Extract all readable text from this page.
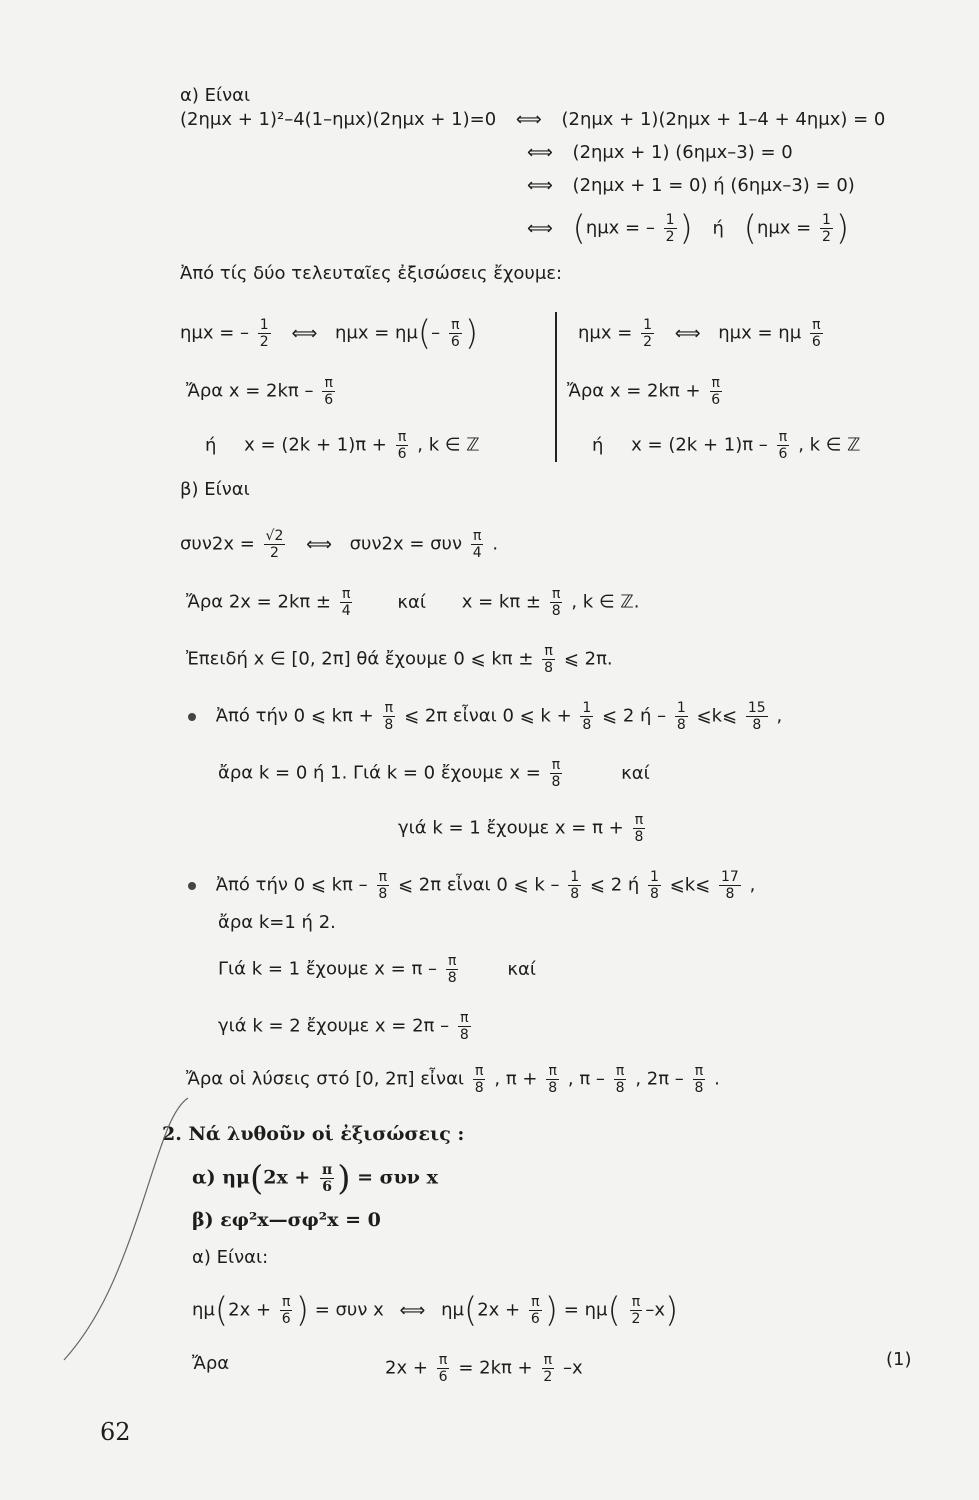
α) Είναι
(2ημx + 1)²–4(1–ημx)(2ημx + 1)=0 ⟺ (2ημx + 1)(2ημx + 1–4 + 4ημx) = 0
⟺ (2ημx + 1) (6ημx–3) = 0
⟺ (2ημx + 1 = 0) ή (6ημx–3) = 0)
⟺ (ημx = – $\frac{1}{2}$ ) ή ($\eta\mu x = \frac{1}{2}$ )
Ἀπό τίς δύο τελευταῖες ἐξισώσεις ἔχουμε:
ημx = – $\frac{1}{2}$ ⟺ $\eta\mu x = \eta\mu(- \frac{\pi}{6}$ )
Ἄρα $x = 2k\pi - \frac{\pi}{6}$
ή $x = (2k + 1)\pi + \frac{\pi}{6}$ , k ∈ ℤ
$\eta\mu x = \frac{1}{2}$ ⟺ ημx = ημ $\frac{\pi}{6}$
Ἄρα $x = 2k\pi + \frac{\pi}{6}$
ή $x = (2k + 1)\pi - \frac{\pi}{6}$ , k ∈ ℤ
β) Είναι
$\sigma\upsilon\nu 2x = \frac{√2}{2}$ ⟺ συν2x = συν $\frac{\pi}{4}$ .
Ἄρα $2x = 2k\pi \pm \frac{\pi}{4}$ καί $x = k\pi \pm \frac{\pi}{8}$ , k ∈ ℤ.
Ἐπειδή x ∈ [0, 2π] θά ἔχουμε 0 ⩽ $k\pi \pm \frac{\pi}{8}$ ⩽ 2π.
Ἀπό τήν 0 ⩽ $k\pi + \frac{\pi}{8}$ ⩽ 2π εἶναι 0 ⩽ $k + \frac{1}{8}$ ⩽ 2 ή – $\frac{1}{8}$ ⩽k⩽ $\frac{15}{8}$ ,
ἄρα k = 0 ή 1. Γιά k = 0 ἔχουμε $x = \frac{\pi}{8}$	καί
γιά k = 1 ἔχουμε $x = \pi + \frac{\pi}{8}$
Ἀπό τήν 0 ⩽ kπ – $\frac{\pi}{8}$ ⩽ 2π εἶναι 0 ⩽ k – $\frac{1}{8}$ ⩽ 2 ή $\frac{1}{8}$ ⩽k⩽ $\frac{17}{8}$ ,
ἄρα k=1 ή 2.
Γιά k = 1 ἔχουμε $x = \pi - \frac{\pi}{8}$	καί
γιά k = 2 ἔχουμε $x = 2\pi - \frac{\pi}{8}$
Ἄρα οἱ λύσεις στό [0, 2π] εἶναι $\frac{\pi}{8}$ , $\pi + \frac{\pi}{8}$ , π – $\frac{\pi}{8}$ , $2\pi - \frac{\pi}{8}$ .
2. Νά λυθοῦν οἱ ἐξισώσεις :
α) $\eta\mu(2x + \frac{\pi}{6}$ ) = συν x
β) εφ²x—σφ²x = 0
α) Είναι:
$\eta\mu(2x + \frac{\pi}{6}$ ) = συν x ⟺ $\eta\mu(2x + \frac{\pi}{6}$ ) = $\eta\mu( \frac{\pi}{2} -x)$
Ἄρα	$2x + \frac{\pi}{6} = 2k\pi + \frac{\pi}{2} -x$	(1)
62
